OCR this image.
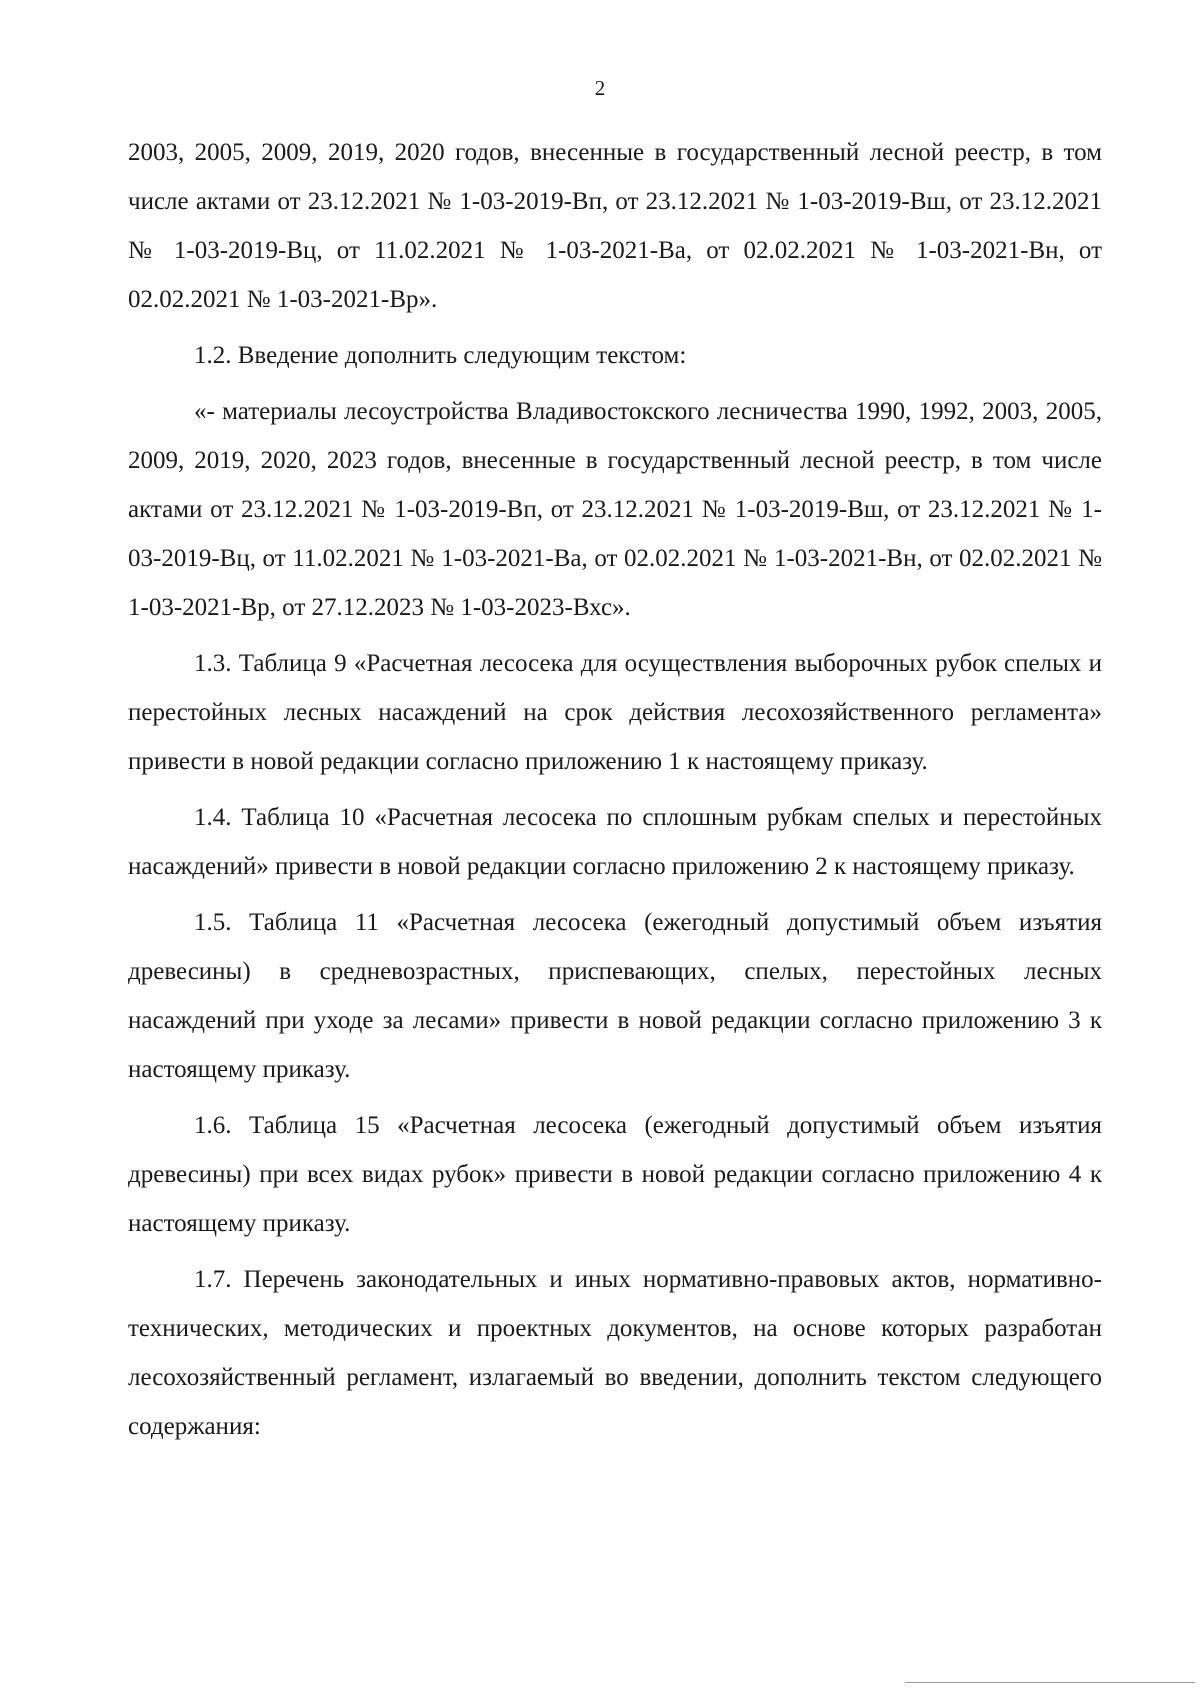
2

2003, 2005, 2009, 2019, 2020 годов, внесенные в государственный лесной реестр, в том числе актами от 23.12.2021 № 1-03-2019-Вп, от 23.12.2021 № 1-03-2019-Вш, от 23.12.2021 № 1-03-2019-Вц, от 11.02.2021 № 1-03-2021-Ва, от 02.02.2021 № 1-03-2021-Вн, от 02.02.2021 № 1-03-2021-Вр».

1.2. Введение дополнить следующим текстом:

«- материалы лесоустройства Владивостокского лесничества 1990, 1992, 2003, 2005, 2009, 2019, 2020, 2023 годов, внесенные в государственный лесной реестр, в том числе актами от 23.12.2021 № 1-03-2019-Вп, от 23.12.2021 № 1-03-2019-Вш, от 23.12.2021 № 1-03-2019-Вц, от 11.02.2021 № 1-03-2021-Ва, от 02.02.2021 № 1-03-2021-Вн, от 02.02.2021 № 1-03-2021-Вр, от 27.12.2023 № 1-03-2023-Вхс».

1.3. Таблица 9 «Расчетная лесосека для осуществления выборочных рубок спелых и перестойных лесных насаждений на срок действия лесохозяйственного регламента» привести в новой редакции согласно приложению 1 к настоящему приказу.

1.4. Таблица 10 «Расчетная лесосека по сплошным рубкам спелых и перестойных насаждений» привести в новой редакции согласно приложению 2 к настоящему приказу.

1.5. Таблица 11 «Расчетная лесосека (ежегодный допустимый объем изъятия древесины) в средневозрастных, приспевающих, спелых, перестойных лесных насаждений при уходе за лесами» привести в новой редакции согласно приложению 3 к настоящему приказу.

1.6. Таблица 15 «Расчетная лесосека (ежегодный допустимый объем изъятия древесины) при всех видах рубок» привести в новой редакции согласно приложению 4 к настоящему приказу.

1.7. Перечень законодательных и иных нормативно-правовых актов, нормативно-технических, методических и проектных документов, на основе которых разработан лесохозяйственный регламент, излагаемый во введении, дополнить текстом следующего содержания:
